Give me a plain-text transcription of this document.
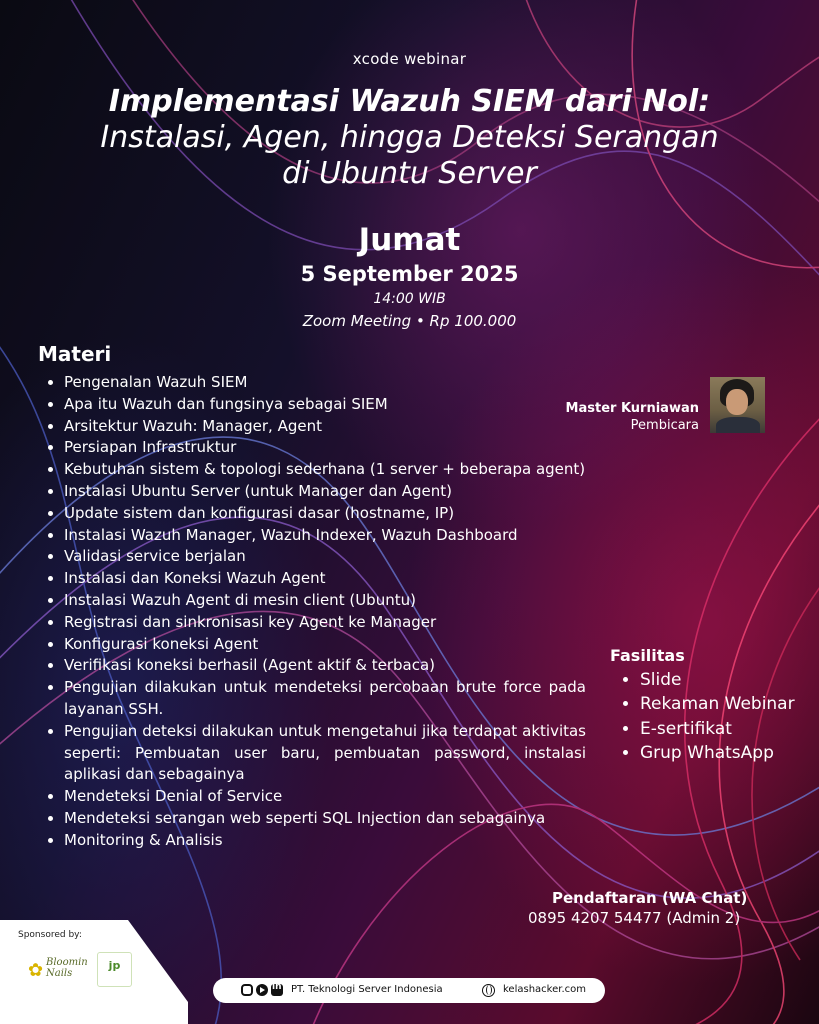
xcode webinar
Implementasi Wazuh SIEM dari Nol:
Instalasi, Agen, hingga Deteksi Serangan
di Ubuntu Server
Jumat
5 September 2025
14:00 WIB
Zoom Meeting • Rp 100.000
Materi
• Pengenalan Wazuh SIEM
• Apa itu Wazuh dan fungsinya sebagai SIEM
• Arsitektur Wazuh: Manager, Agent
• Persiapan Infrastruktur
• Kebutuhan sistem & topologi sederhana (1 server + beberapa agent)
• Instalasi Ubuntu Server (untuk Manager dan Agent)
• Update sistem dan konfigurasi dasar (hostname, IP)
• Instalasi Wazuh Manager, Wazuh Indexer, Wazuh Dashboard
• Validasi service berjalan
• Instalasi dan Koneksi Wazuh Agent
• Instalasi Wazuh Agent di mesin client (Ubuntu)
• Registrasi dan sinkronisasi key Agent ke Manager
• Konfigurasi koneksi Agent
• Verifikasi koneksi berhasil (Agent aktif & terbaca)
• Pengujian dilakukan untuk mendeteksi percobaan brute force pada layanan SSH.
• Pengujian deteksi dilakukan untuk mengetahui jika terdapat aktivitas seperti: Pembuatan user baru, pembuatan password, instalasi aplikasi dan sebagainya
• Mendeteksi Denial of Service
• Mendeteksi serangan web seperti SQL Injection dan sebagainya
• Monitoring & Analisis
Master Kurniawan
Pembicara
Fasilitas
• Slide
• Rekaman Webinar
• E-sertifikat
• Grup WhatsApp
Pendaftaran (WA Chat)
0895 4207 54477 (Admin 2)
Sponsored by:
✿ Bloomin Nails
jp
in
PT. Teknologi Server Indonesia	kelashacker.com
